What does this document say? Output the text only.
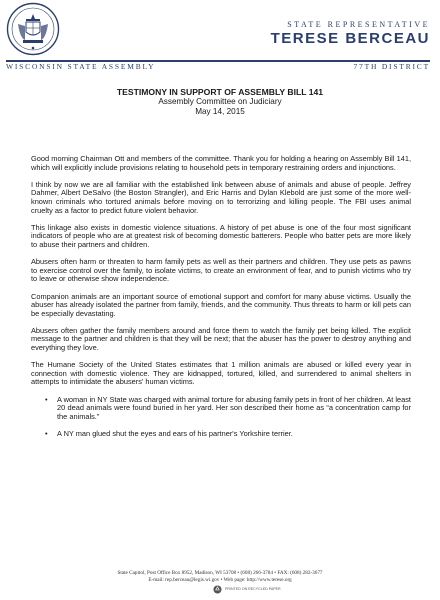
STATE REPRESENTATIVE
TERESE BERCEAU
WISCONSIN STATE ASSEMBLY	77TH DISTRICT
TESTIMONY IN SUPPORT OF ASSEMBLY BILL 141
Assembly Committee on Judiciary
May 14, 2015

Good morning Chairman Ott and members of the committee. Thank you for holding a hearing on Assembly Bill 141, which will explicitly include provisions relating to household pets in temporary restraining orders and injunctions.

I think by now we are all familiar with the established link between abuse of animals and abuse of people. Jeffrey Dahmer, Albert DeSalvo (the Boston Strangler), and Eric Harris and Dylan Klebold are just some of the more well-known criminals who tortured animals before moving on to terrorizing and killing people. The FBI uses animal cruelty as a factor to predict future violent behavior.

This linkage also exists in domestic violence situations. A history of pet abuse is one of the four most significant indicators of people who are at greatest risk of becoming domestic batterers. People who batter pets are more likely to abuse their partners and children.

Abusers often harm or threaten to harm family pets as well as their partners and children. They use pets as pawns to exercise control over the family, to isolate victims, to create an environment of fear, and to punish victims who try to leave or otherwise show independence.

Companion animals are an important source of emotional support and comfort for many abuse victims. Usually the abuser has already isolated the partner from family, friends, and the community. Thus threats to harm or kill pets can be especially devastating.

Abusers often gather the family members around and force them to watch the family pet being killed. The explicit message to the partner and children is that they will be next; that the abuser has the power to destroy anything and everything they love.

The Humane Society of the United States estimates that 1 million animals are abused or killed every year in connection with domestic violence. They are kidnapped, tortured, killed, and surrendered to animal shelters in attempts to intimidate the abusers' human victims.

• A woman in NY State was charged with animal torture for abusing family pets in front of her children. At least 20 dead animals were found buried in her yard. Her son described their home as “a concentration camp for the animals.”
• A NY man glued shut the eyes and ears of his partner's Yorkshire terrier.
State Capitol, Post Office Box 8952, Madison, WI 53708 • (608) 266-3784 • FAX: (608) 282-3677
E-mail: rep.berceau@legis.wi.gov • Web page: http://www.terese.org
PRINTED ON RECYCLED PAPER
